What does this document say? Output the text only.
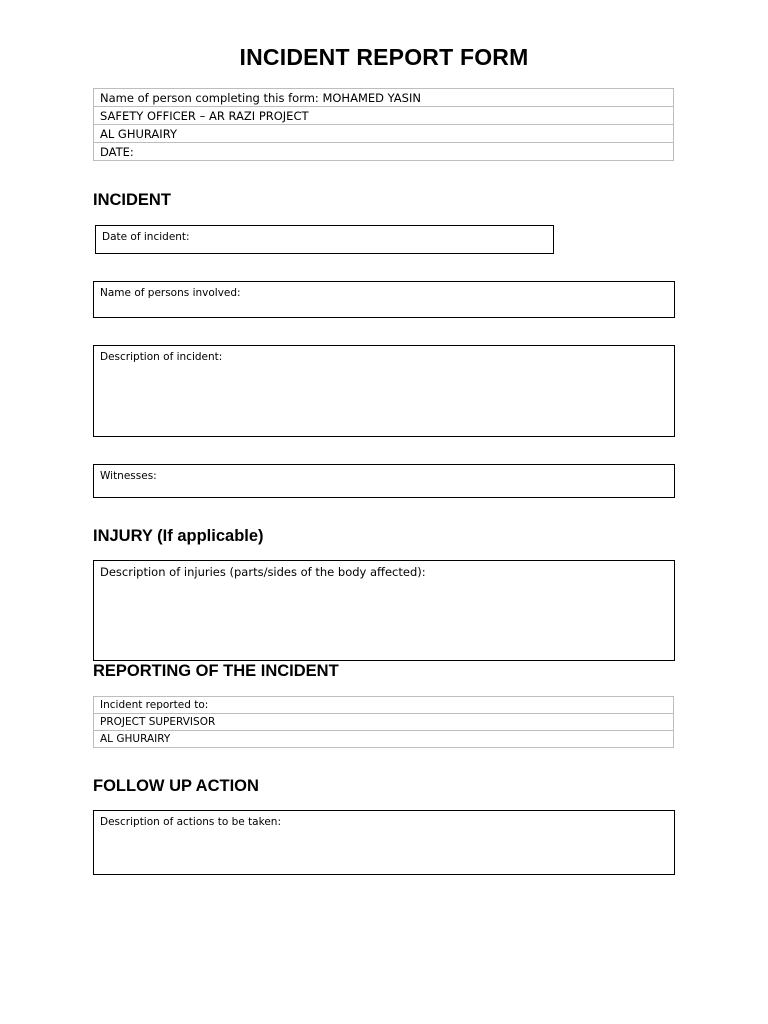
INCIDENT REPORT FORM
Name of person completing this form: MOHAMED YASIN
SAFETY OFFICER – AR RAZI PROJECT
AL GHURAIRY
DATE:
INCIDENT
Date of incident:
Name of persons involved:
Description of incident:
Witnesses:
INJURY (If applicable)
Description of injuries (parts/sides of the body affected):
REPORTING OF THE INCIDENT
Incident reported to:
PROJECT SUPERVISOR
AL GHURAIRY
FOLLOW UP ACTION
Description of actions to be taken:
